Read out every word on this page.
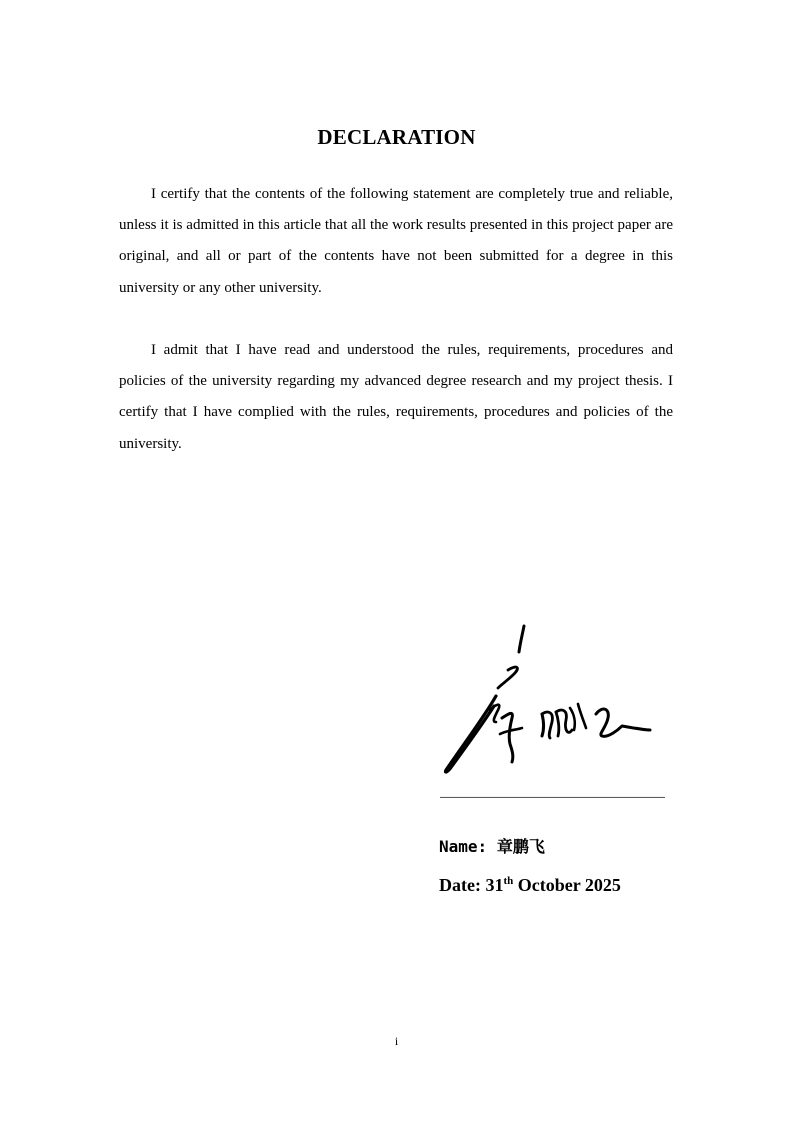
DECLARATION

I certify that the contents of the following statement are completely true and reliable, unless it is admitted in this article that all the work results presented in this project paper are original, and all or part of the contents have not been submitted for a degree in this university or any other university.

I admit that I have read and understood the rules, requirements, procedures and policies of the university regarding my advanced degree research and my project thesis. I certify that I have complied with the rules, requirements, procedures and policies of the university.

_________________________
Name: 章鹏飞
Date: 31th October 2025
i
